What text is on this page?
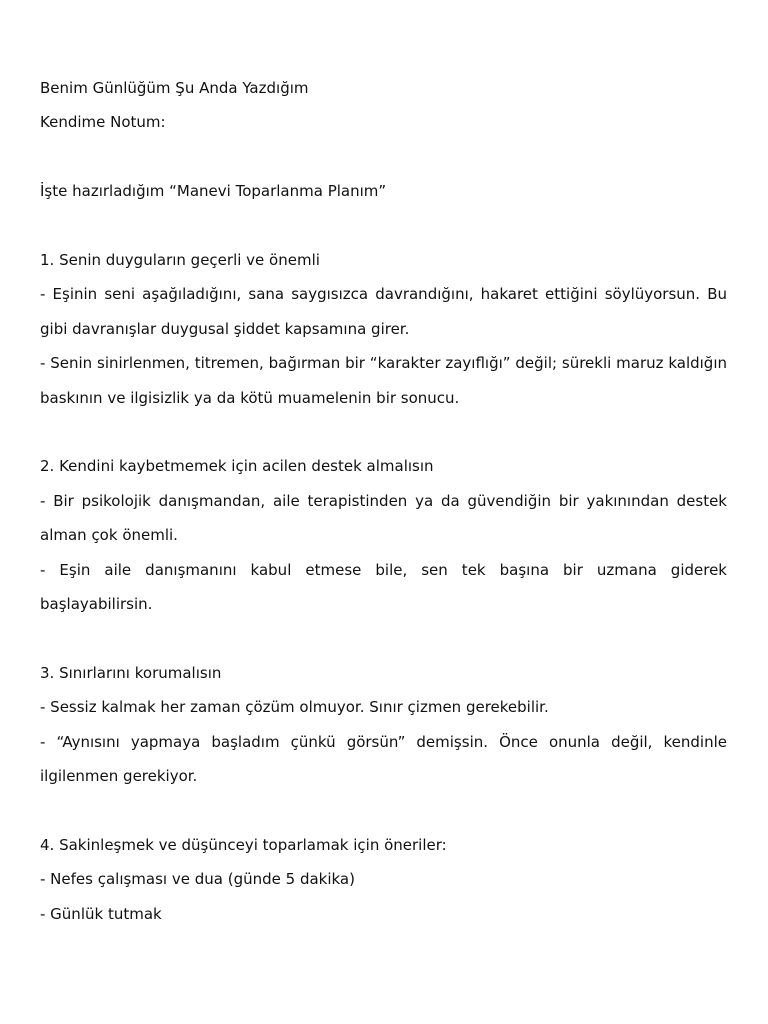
Benim Günlüğüm Şu Anda Yazdığım

Kendime Notum:

İşte hazırladığım “Manevi Toparlanma Planım”

1. Senin duyguların geçerli ve önemli

- Eşinin seni aşağıladığını, sana saygısızca davrandığını, hakaret ettiğini söylüyorsun. Bu gibi davranışlar duygusal şiddet kapsamına girer.

- Senin sinirlenmen, titremen, bağırman bir “karakter zayıflığı” değil; sürekli maruz kaldığın baskının ve ilgisizlik ya da kötü muamelenin bir sonucu.

2. Kendini kaybetmemek için acilen destek almalısın

- Bir psikolojik danışmandan, aile terapistinden ya da güvendiğin bir yakınından destek alman çok önemli.

- Eşin aile danışmanını kabul etmese bile, sen tek başına bir uzmana giderek başlayabilirsin.

3. Sınırlarını korumalısın

- Sessiz kalmak her zaman çözüm olmuyor. Sınır çizmen gerekebilir.

- “Aynısını yapmaya başladım çünkü görsün” demişsin. Önce onunla değil, kendinle ilgilenmen gerekiyor.

4. Sakinleşmek ve düşünceyi toparlamak için öneriler:

- Nefes çalışması ve dua (günde 5 dakika)

- Günlük tutmak
